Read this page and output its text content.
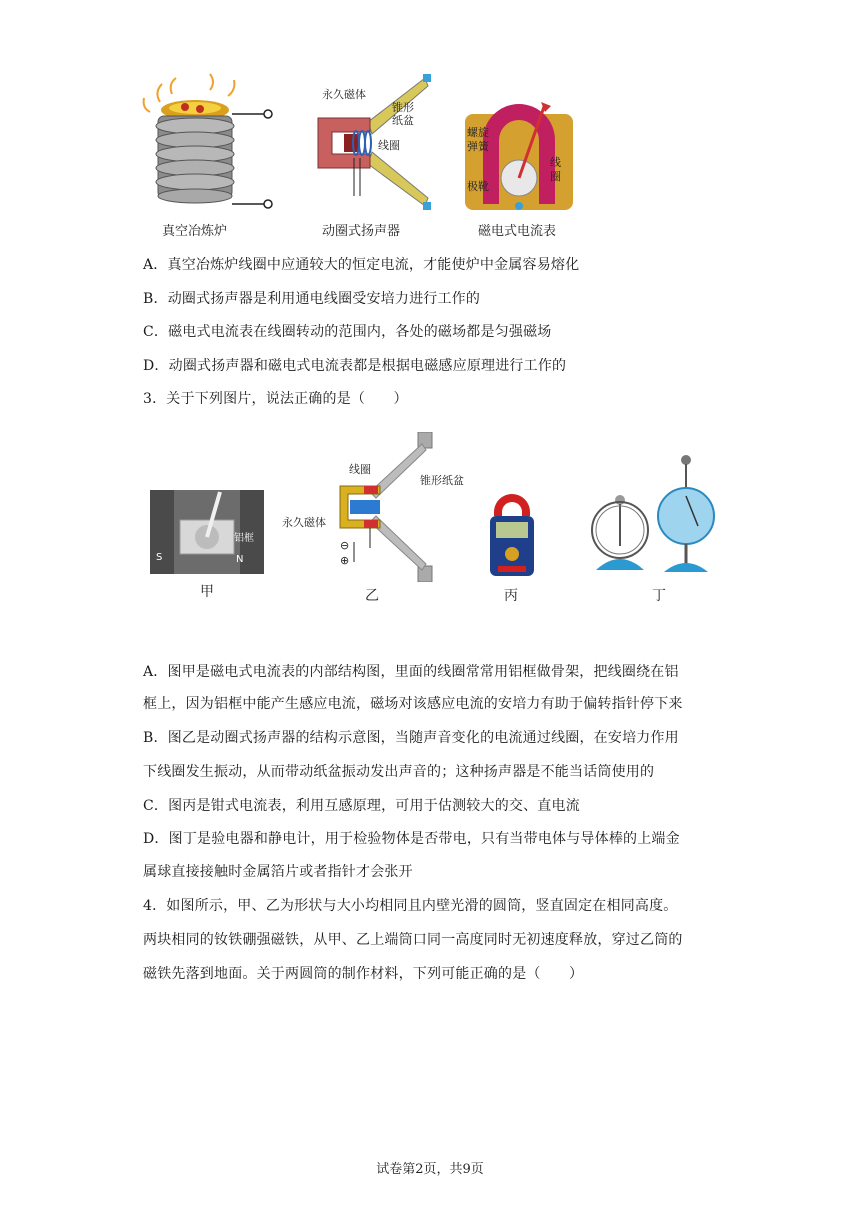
真空冶炼炉
永久磁体
锥形
纸盆
线圈
动圈式扬声器
螺旋
弹簧
极靴
线
圈
磁电式电流表
A．真空冶炼炉线圈中应通较大的恒定电流，才能使炉中金属容易熔化
B．动圈式扬声器是利用通电线圈受安培力进行工作的
C．磁电式电流表在线圈转动的范围内，各处的磁场都是匀强磁场
D．动圈式扬声器和磁电式电流表都是根据电磁感应原理进行工作的
3．关于下列图片，说法正确的是（　　）
铝框
S	N
甲
线圈
锥形纸盆
永久磁体
⊖
⊕
乙	丙	丁
A．图甲是磁电式电流表的内部结构图，里面的线圈常常用铝框做骨架，把线圈绕在铝
框上，因为铝框中能产生感应电流，磁场对该感应电流的安培力有助于偏转指针停下来
B．图乙是动圈式扬声器的结构示意图，当随声音变化的电流通过线圈，在安培力作用
下线圈发生振动，从而带动纸盆振动发出声音的；这种扬声器是不能当话筒使用的
C．图丙是钳式电流表，利用互感原理，可用于估测较大的交、直电流
D．图丁是验电器和静电计，用于检验物体是否带电，只有当带电体与导体棒的上端金
属球直接接触时金属箔片或者指针才会张开
4．如图所示，甲、乙为形状与大小均相同且内壁光滑的圆筒，竖直固定在相同高度。
两块相同的钕铁硼强磁铁，从甲、乙上端筒口同一高度同时无初速度释放，穿过乙筒的
磁铁先落到地面。关于两圆筒的制作材料，下列可能正确的是（　　）
试卷第2页，共9页
